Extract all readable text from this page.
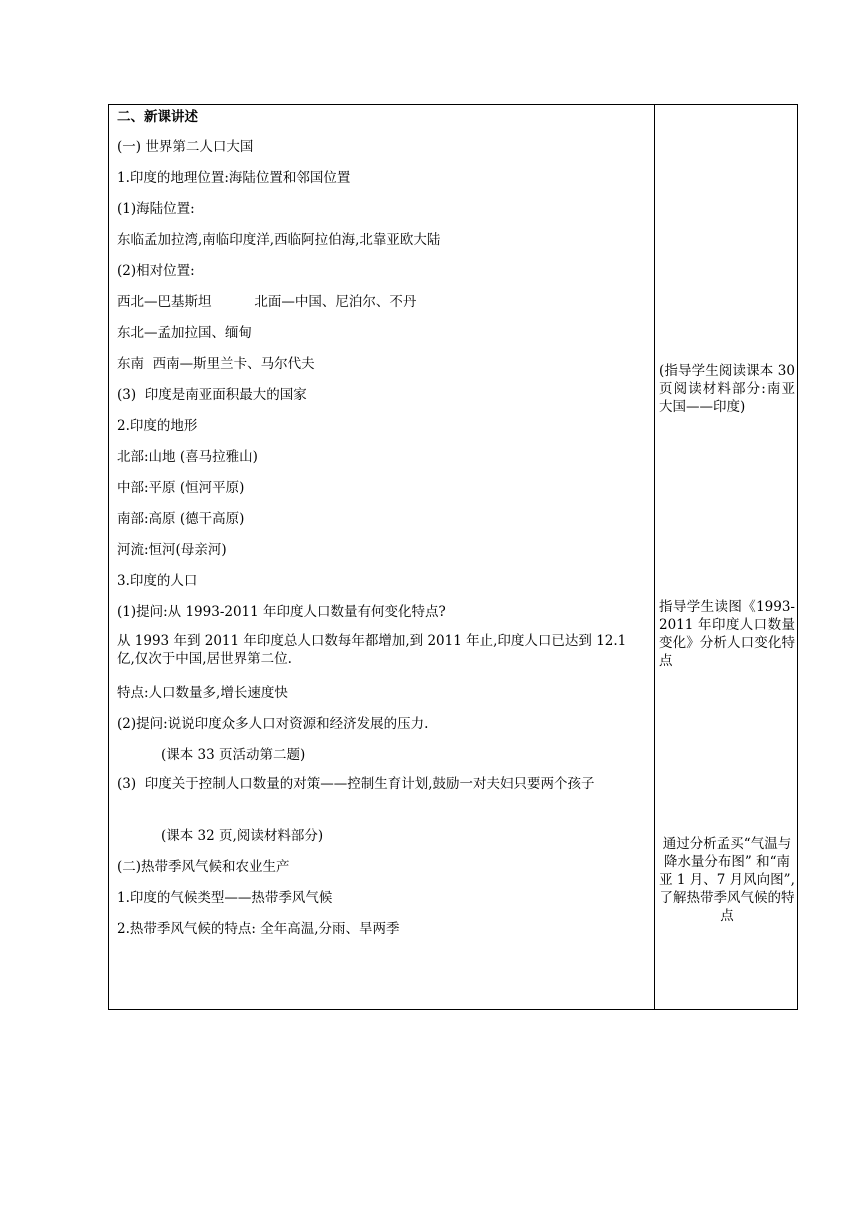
二、新课讲述
(一) 世界第二人口大国
1.印度的地理位置:海陆位置和邻国位置
(1)海陆位置:
东临孟加拉湾,南临印度洋,西临阿拉伯海,北靠亚欧大陆
(2)相对位置:
西北—巴基斯坦          北面—中国、尼泊尔、不丹
东北—孟加拉国、缅甸
东南  西南—斯里兰卡、马尔代夫
(3)  印度是南亚面积最大的国家
2.印度的地形
北部:山地 (喜马拉雅山)
中部:平原 (恒河平原)
南部:高原 (德干高原)
河流:恒河(母亲河)
3.印度的人口
(1)提问:从 1993-2011 年印度人口数量有何变化特点?
从 1993 年到 2011 年印度总人口数每年都增加,到 2011 年止,印度人口已达到 12.1 亿,仅次于中国,居世界第二位.
特点:人口数量多,增长速度快
(2)提问:说说印度众多人口对资源和经济发展的压力.
(课本 33 页活动第二题)
(3)  印度关于控制人口数量的对策——控制生育计划,鼓励一对夫妇只要两个孩子
(课本 32 页,阅读材料部分)
(二)热带季风气候和农业生产
1.印度的气候类型——热带季风气候
2.热带季风气候的特点: 全年高温,分雨、旱两季
(指导学生阅读课本 30 页阅读材料部分:南亚大国——印度)
指导学生读图《1993-2011 年印度人口数量变化》分析人口变化特点
通过分析孟买“气温与降水量分布图” 和“南亚 1 月、7 月风向图”,了解热带季风气候的特点
